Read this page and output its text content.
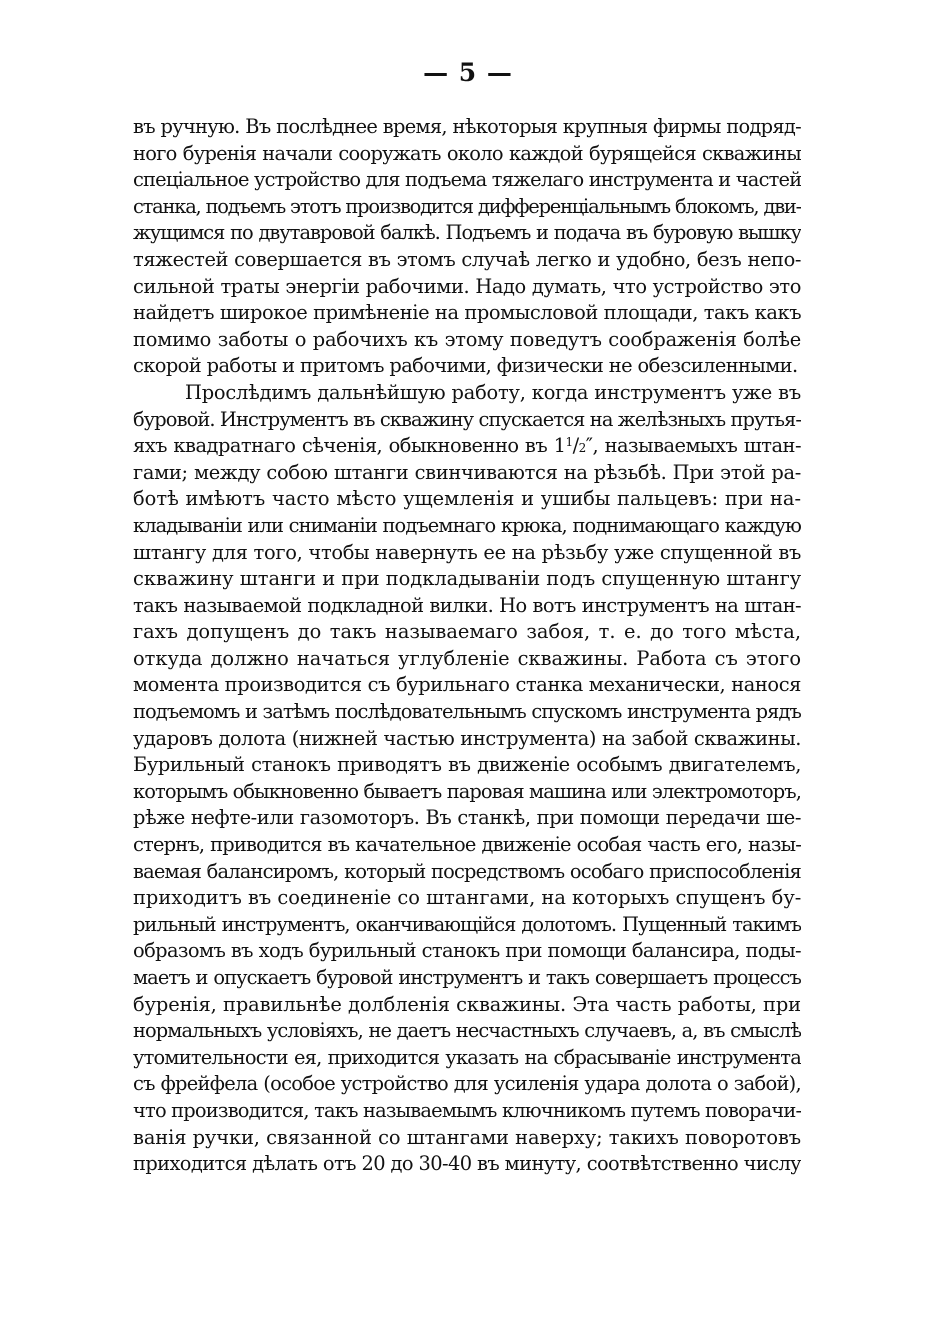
— 5 —
въ ручную. Въ послѣднее время, нѣкоторыя крупныя фирмы подряд-
ного буренія начали сооружать около каждой бурящейся скважины
спеціальное устройство для подъема тяжелаго инструмента и частей
станка, подъемъ этотъ производится дифференціальнымъ блокомъ, дви-
жущимся по двутавровой балкѣ. Подъемъ и подача въ буровую вышку
тяжестей совершается въ этомъ случаѣ легко и удобно, безъ непо-
сильной траты энергіи рабочими. Надо думать, что устройство это
найдетъ широкое примѣненіе на промысловой площади, такъ какъ
помимо заботы о рабочихъ къ этому поведутъ соображенія болѣе
скорой работы и притомъ рабочими, физически не обезсиленными.
Прослѣдимъ дальнѣйшую работу, когда инструментъ уже въ
буровой. Инструментъ въ скважину спускается на желѣзныхъ прутья-
яхъ квадратнаго сѣченія, обыкновенно въ $1^1/2''$, называемыхъ штан-
гами; между собою штанги свинчиваются на рѣзьбѣ. При этой ра-
ботѣ имѣютъ часто мѣсто ущемленія и ушибы пальцевъ: при на-
кладываніи или сниманіи подъемнаго крюка, поднимающаго каждую
штангу для того, чтобы навернуть ее на рѣзьбу уже спущенной въ
скважину штанги и при подкладываніи подъ спущенную штангу
такъ называемой подкладной вилки. Но вотъ инструментъ на штан-
гахъ допущенъ до такъ называемаго забоя, т. е. до того мѣста,
откуда должно начаться углубленіе скважины. Работа съ этого
момента производится съ бурильнаго станка механически, нанося
подъемомъ и затѣмъ послѣдовательнымъ спускомъ инструмента рядъ
ударовъ долота (нижней частью инструмента) на забой скважины.
Бурильный станокъ приводятъ въ движеніе особымъ двигателемъ,
которымъ обыкновенно бываетъ паровая машина или электромоторъ,
рѣже нефте-или газомоторъ. Въ станкѣ, при помощи передачи ше-
стернъ, приводится въ качательное движеніе особая часть его, назы-
ваемая балансиромъ, который посредствомъ особаго приспособленія
приходитъ въ соединеніе со штангами, на которыхъ спущенъ бу-
рильный инструментъ, оканчивающійся долотомъ. Пущенный такимъ
образомъ въ ходъ бурильный станокъ при помощи балансира, поды-
маетъ и опускаетъ буровой инструментъ и такъ совершаетъ процессъ
буренія, правильнѣе долбленія скважины. Эта часть работы, при
нормальныхъ условіяхъ, не даетъ несчастныхъ случаевъ, а, въ смыслѣ
утомительности ея, приходится указать на сбрасываніе инструмента
съ фрейфела (особое устройство для усиленія удара долота о забой),
что производится, такъ называемымъ ключникомъ путемъ поворачи-
ванія ручки, связанной со штангами наверху; такихъ поворотовъ
приходится дѣлать отъ 20 до 30-40 въ минуту, соотвѣтственно числу
